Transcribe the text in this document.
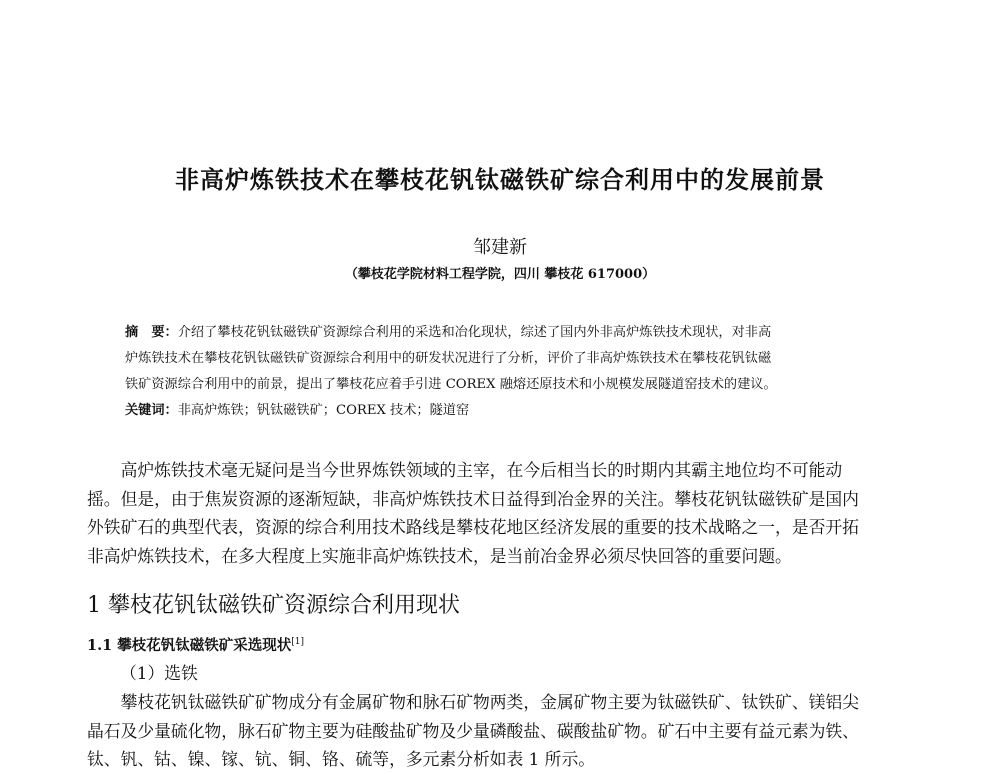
非高炉炼铁技术在攀枝花钒钛磁铁矿综合利用中的发展前景
邹建新
（攀枝花学院材料工程学院，四川 攀枝花 617000）

摘　要：介绍了攀枝花钒钛磁铁矿资源综合利用的采选和冶化现状，综述了国内外非高炉炼铁技术现状，对非高

炉炼铁技术在攀枝花钒钛磁铁矿资源综合利用中的研发状况进行了分析，评价了非高炉炼铁技术在攀枝花钒钛磁

铁矿资源综合利用中的前景，提出了攀枝花应着手引进 COREX 融熔还原技术和小规模发展隧道窑技术的建议。

关键词：非高炉炼铁；钒钛磁铁矿；COREX 技术；隧道窑

　　高炉炼铁技术毫无疑问是当今世界炼铁领域的主宰，在今后相当长的时期内其霸主地位均不可能动

摇。但是，由于焦炭资源的逐渐短缺，非高炉炼铁技术日益得到冶金界的关注。攀枝花钒钛磁铁矿是国内

外铁矿石的典型代表，资源的综合利用技术路线是攀枝花地区经济发展的重要的技术战略之一，是否开拓

非高炉炼铁技术，在多大程度上实施非高炉炼铁技术，是当前冶金界必须尽快回答的重要问题。

1 攀枝花钒钛磁铁矿资源综合利用现状
1.1 攀枝花钒钛磁铁矿采选现状[1]
（1）选铁

　　攀枝花钒钛磁铁矿矿物成分有金属矿物和脉石矿物两类，金属矿物主要为钛磁铁矿、钛铁矿、镁铝尖

晶石及少量硫化物，脉石矿物主要为硅酸盐矿物及少量磷酸盐、碳酸盐矿物。矿石中主要有益元素为铁、

钛、钒、钴、镍、镓、钪、铜、铬、硫等，多元素分析如表 1 所示。
